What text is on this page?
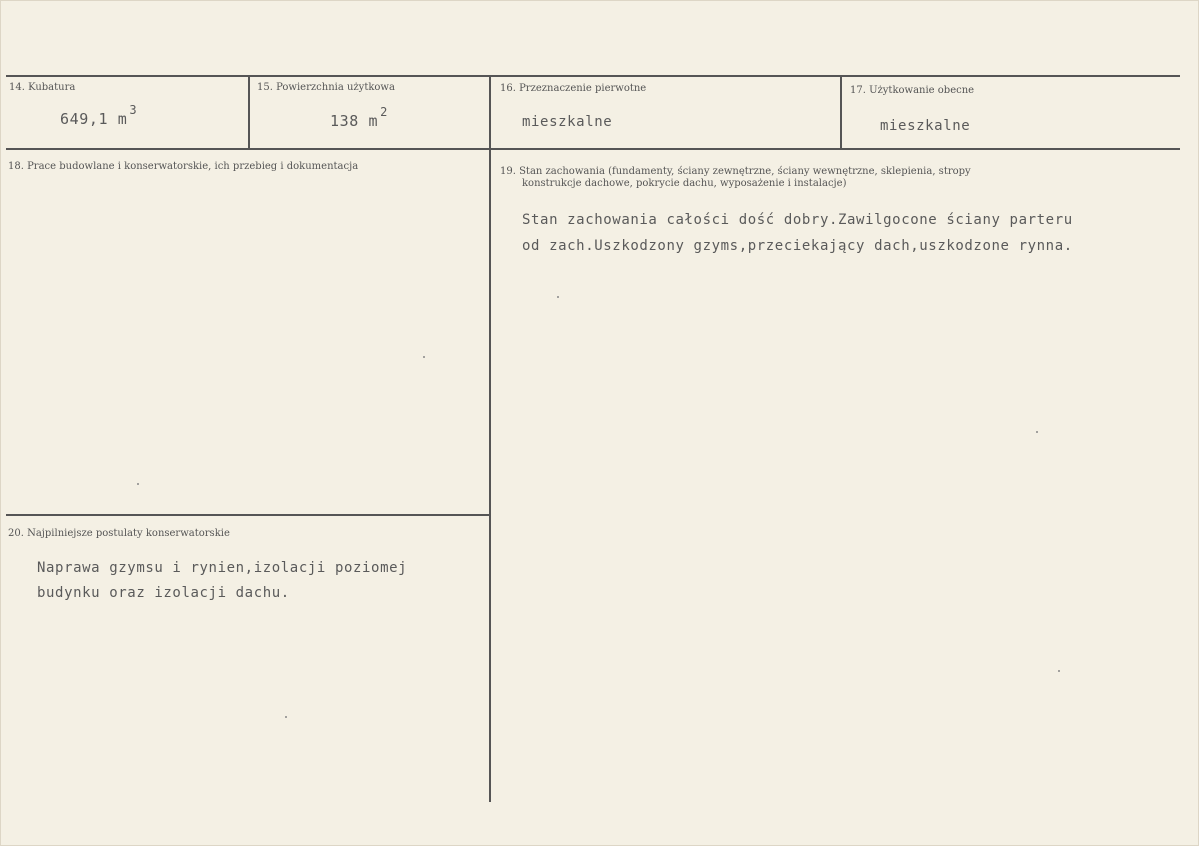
14. Kubatura
649,1 m $^3$
15. Powierzchnia użytkowa
138 m $^2$
16. Przeznaczenie pierwotne
mieszkalne
17. Użytkowanie obecne
mieszkalne
18. Prace budowlane i konserwatorskie, ich przebieg i dokumentacja	19. Stan zachowania (fundamenty, ściany zewnętrzne, ściany wewnętrzne, sklepienia, stropy
konstrukcje dachowe, pokrycie dachu, wyposażenie i instalacje)
Stan zachowania całości dość dobry.Zawilgocone ściany parteru
od zach.Uszkodzony gzyms,przeciekający dach,uszkodzone rynna.
20. Najpilniejsze postulaty konserwatorskie
Naprawa gzymsu i rynien,izolacji poziomej
budynku oraz izolacji dachu.
